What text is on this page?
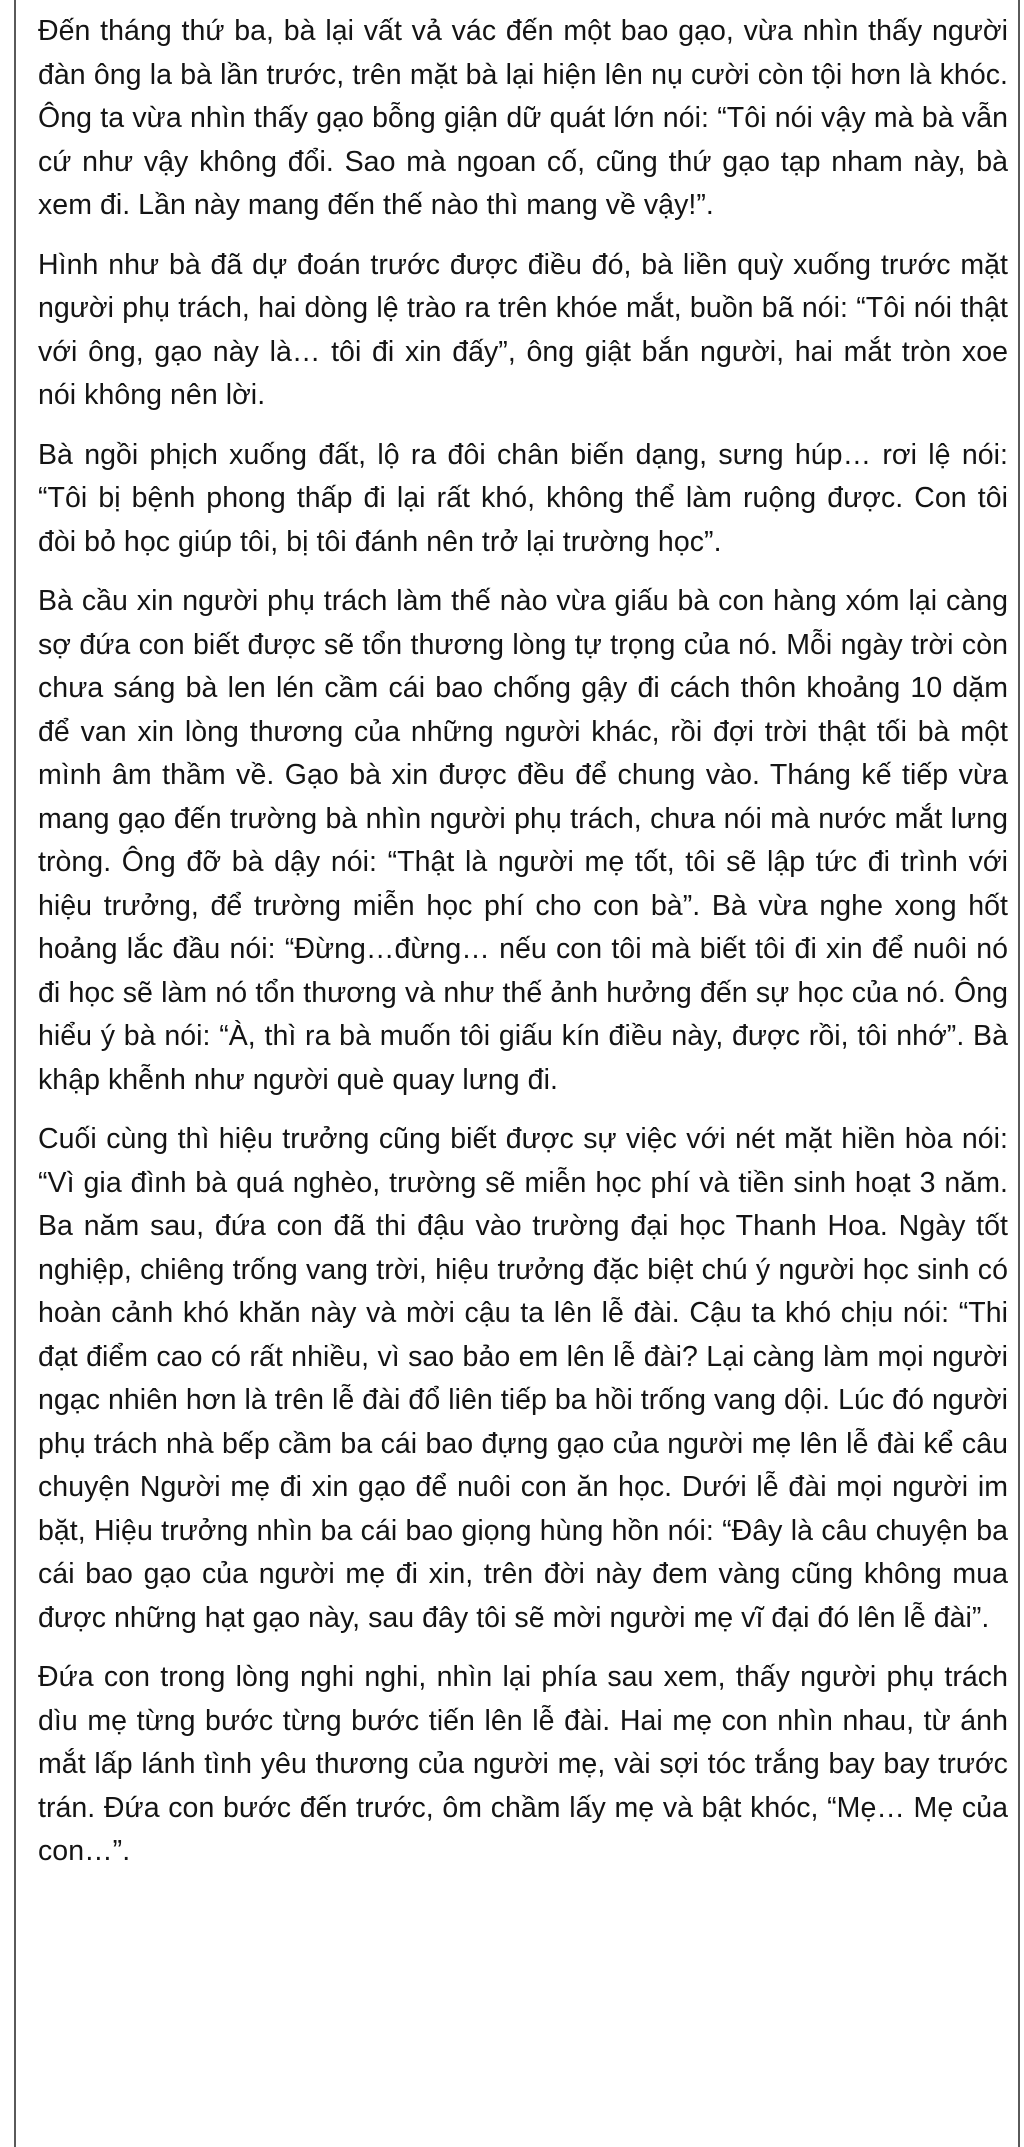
Đến tháng thứ ba, bà lại vất vả vác đến một bao gạo, vừa nhìn thấy người đàn ông la bà lần trước, trên mặt bà lại hiện lên nụ cười còn tội hơn là khóc. Ông ta vừa nhìn thấy gạo bỗng giận dữ quát lớn nói: “Tôi nói vậy mà bà vẫn cứ như vậy không đổi. Sao mà ngoan cố, cũng thứ gạo tạp nham này, bà xem đi. Lần này mang đến thế nào thì mang về vậy!”.

Hình như bà đã dự đoán trước được điều đó, bà liền quỳ xuống trước mặt người phụ trách, hai dòng lệ trào ra trên khóe mắt, buồn bã nói: “Tôi nói thật với ông, gạo này là… tôi đi xin đấy”, ông giật bắn người, hai mắt tròn xoe nói không nên lời.

Bà ngồi phịch xuống đất, lộ ra đôi chân biến dạng, sưng húp… rơi lệ nói: “Tôi bị bệnh phong thấp đi lại rất khó, không thể làm ruộng được. Con tôi đòi bỏ học giúp tôi, bị tôi đánh nên trở lại trường học”.

Bà cầu xin người phụ trách làm thế nào vừa giấu bà con hàng xóm lại càng sợ đứa con biết được sẽ tổn thương lòng tự trọng của nó. Mỗi ngày trời còn chưa sáng bà len lén cầm cái bao chống gậy đi cách thôn khoảng 10 dặm để van xin lòng thương của những người khác, rồi đợi trời thật tối bà một mình âm thầm về. Gạo bà xin được đều để chung vào. Tháng kế tiếp vừa mang gạo đến trường bà nhìn người phụ trách, chưa nói mà nước mắt lưng tròng. Ông đỡ bà dậy nói: “Thật là người mẹ tốt, tôi sẽ lập tức đi trình với hiệu trưởng, để trường miễn học phí cho con bà”. Bà vừa nghe xong hốt hoảng lắc đầu nói: “Đừng…đừng… nếu con tôi mà biết tôi đi xin để nuôi nó đi học sẽ làm nó tổn thương và như thế ảnh hưởng đến sự học của nó. Ông hiểu ý bà nói: “À, thì ra bà muốn tôi giấu kín điều này, được rồi, tôi nhớ”. Bà khập khễnh như người què quay lưng đi.

Cuối cùng thì hiệu trưởng cũng biết được sự việc với nét mặt hiền hòa nói: “Vì gia đình bà quá nghèo, trường sẽ miễn học phí và tiền sinh hoạt 3 năm. Ba năm sau, đứa con đã thi đậu vào trường đại học Thanh Hoa. Ngày tốt nghiệp, chiêng trống vang trời, hiệu trưởng đặc biệt chú ý người học sinh có hoàn cảnh khó khăn này và mời cậu ta lên lễ đài. Cậu ta khó chịu nói: “Thi đạt điểm cao có rất nhiều, vì sao bảo em lên lễ đài? Lại càng làm mọi người ngạc nhiên hơn là trên lễ đài đổ liên tiếp ba hồi trống vang dội. Lúc đó người phụ trách nhà bếp cầm ba cái bao đựng gạo của người mẹ lên lễ đài kể câu chuyện Người mẹ đi xin gạo để nuôi con ăn học. Dưới lễ đài mọi người im bặt, Hiệu trưởng nhìn ba cái bao giọng hùng hồn nói: “Đây là câu chuyện ba cái bao gạo của người mẹ đi xin, trên đời này đem vàng cũng không mua được những hạt gạo này, sau đây tôi sẽ mời người mẹ vĩ đại đó lên lễ đài”.

Đứa con trong lòng nghi nghi, nhìn lại phía sau xem, thấy người phụ trách dìu mẹ từng bước từng bước tiến lên lễ đài. Hai mẹ con nhìn nhau, từ ánh mắt lấp lánh tình yêu thương của người mẹ, vài sợi tóc trắng bay bay trước trán. Đứa con bước đến trước, ôm chầm lấy mẹ và bật khóc, “Mẹ… Mẹ của con…”.
